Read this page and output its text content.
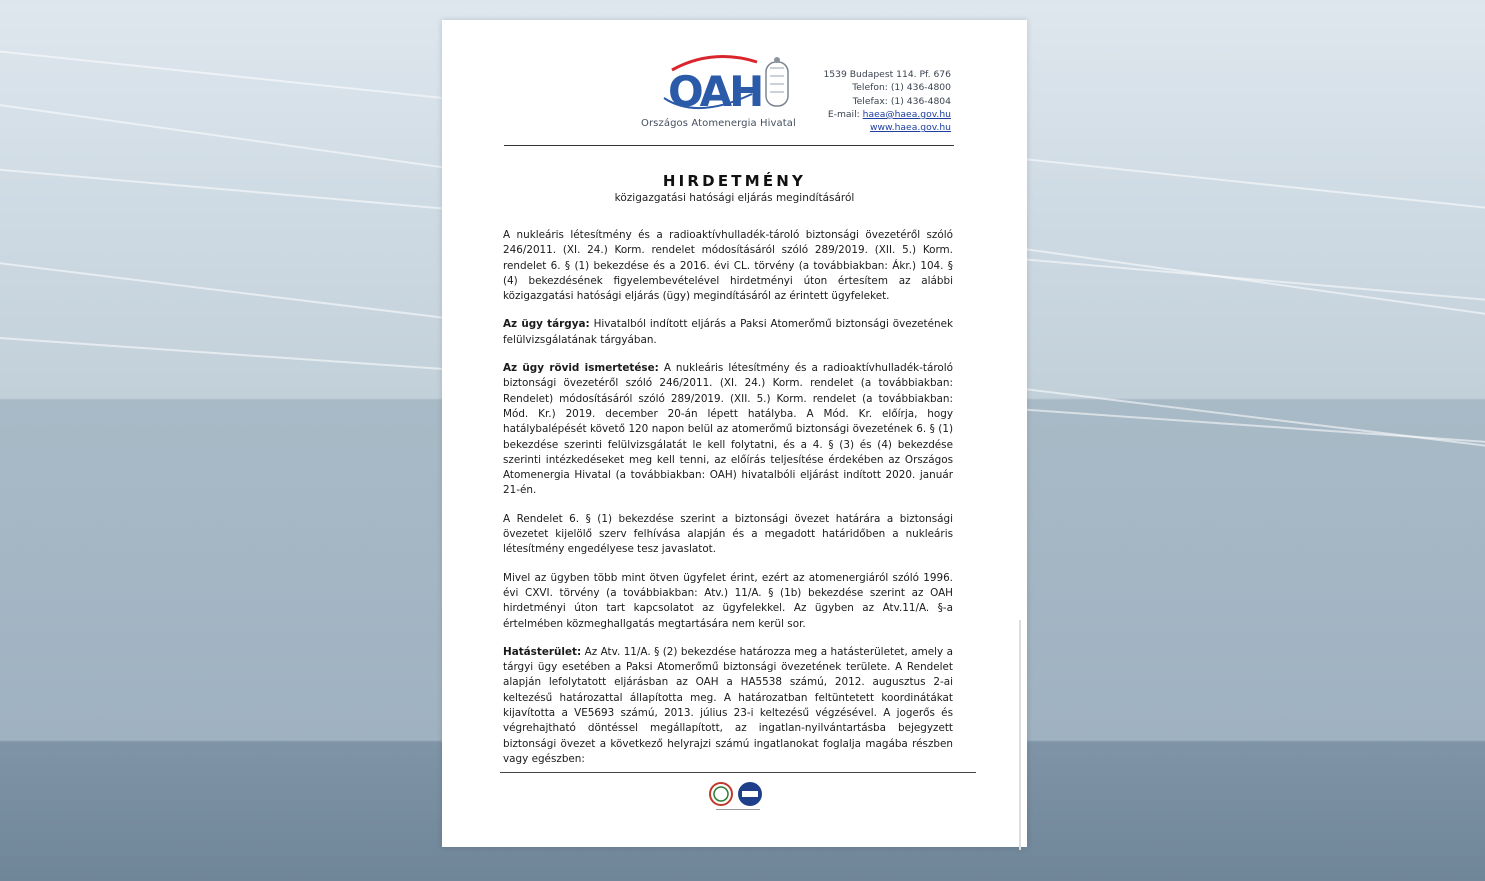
OAH
Országos Atomenergia Hivatal
1539 Budapest 114. Pf. 676
Telefon: (1) 436-4800
Telefax: (1) 436-4804
E-mail: haea@haea.gov.hu
www.haea.gov.hu
HIRDETMÉNY
közigazgatási hatósági eljárás megindításáról

A nukleáris létesítmény és a radioaktívhulladék-tároló biztonsági övezetéről szóló 246/2011. (XI. 24.) Korm. rendelet módosításáról szóló 289/2019. (XII. 5.) Korm. rendelet 6. § (1) bekezdése és a 2016. évi CL. törvény (a továbbiakban: Ákr.) 104. § (4) bekezdésének figyelembevételével hirdetményi úton értesítem az alábbi közigazgatási hatósági eljárás (ügy) megindításáról az érintett ügyfeleket.

Az ügy tárgya: Hivatalból indított eljárás a Paksi Atomerőmű biztonsági övezetének felülvizsgálatának tárgyában.

Az ügy rövid ismertetése: A nukleáris létesítmény és a radioaktívhulladék-tároló biztonsági övezetéről szóló 246/2011. (XI. 24.) Korm. rendelet (a továbbiakban: Rendelet) módosításáról szóló 289/2019. (XII. 5.) Korm. rendelet (a továbbiakban: Mód. Kr.) 2019. december 20-án lépett hatályba. A Mód. Kr. előírja, hogy hatálybalépését követő 120 napon belül az atomerőmű biztonsági övezetének 6. § (1) bekezdése szerinti felülvizsgálatát le kell folytatni, és a 4. § (3) és (4) bekezdése szerinti intézkedéseket meg kell tenni, az előírás teljesítése érdekében az Országos Atomenergia Hivatal (a továbbiakban: OAH) hivatalbóli eljárást indított 2020. január 21-én.

A Rendelet 6. § (1) bekezdése szerint a biztonsági övezet határára a biztonsági övezetet kijelölő szerv felhívása alapján és a megadott határidőben a nukleáris létesítmény engedélyese tesz javaslatot.

Mivel az ügyben több mint ötven ügyfelet érint, ezért az atomenergiáról szóló 1996. évi CXVI. törvény (a továbbiakban: Atv.) 11/A. § (1b) bekezdése szerint az OAH hirdetményi úton tart kapcsolatot az ügyfelekkel. Az ügyben az Atv.11/A. §-a értelmében közmeghallgatás megtartására nem kerül sor.

Hatásterület: Az Atv. 11/A. § (2) bekezdése határozza meg a hatásterületet, amely a tárgyi ügy esetében a Paksi Atomerőmű biztonsági övezetének területe. A Rendelet alapján lefolytatott eljárásban az OAH a HA5538 számú, 2012. augusztus 2-ai keltezésű határozattal állapította meg. A határozatban feltüntetett koordinátákat kijavította a VE5693 számú, 2013. július 23-i keltezésű végzésével. A jogerős és végrehajtható döntéssel megállapított, az ingatlan-nyilvántartásba bejegyzett biztonsági övezet a következő helyrajzi számú ingatlanokat foglalja magába részben vagy egészben:
